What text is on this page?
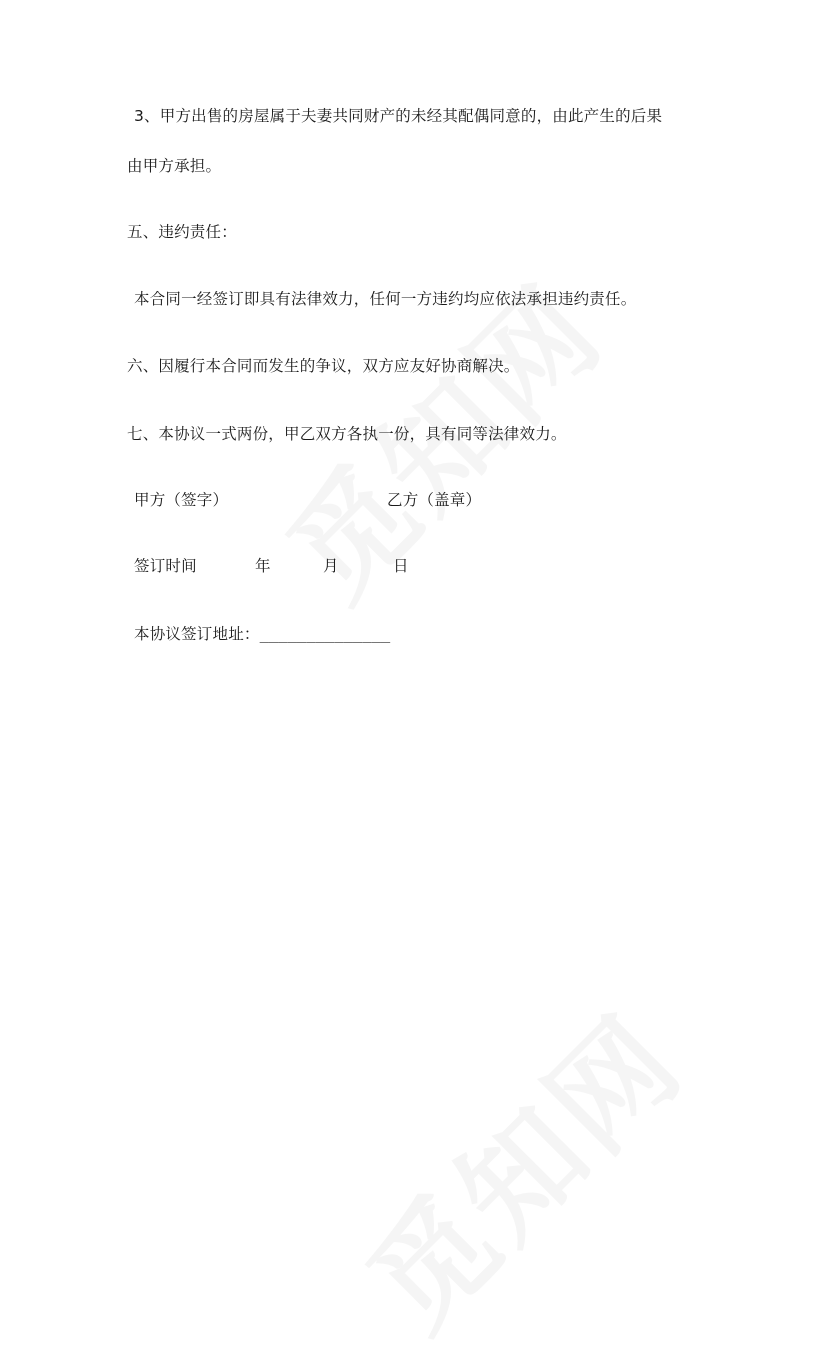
3、甲方出售的房屋属于夫妻共同财产的未经其配偶同意的，由此产生的后果
由甲方承担。
五、违约责任：
本合同一经签订即具有法律效力，任何一方违约均应依法承担违约责任。
六、因履行本合同而发生的争议，双方应友好协商解决。
七、本协议一式两份，甲乙双方各执一份，具有同等法律效力。
甲方（签字）	乙方（盖章）
签订时间	年	月	日
本协议签订地址：______________
